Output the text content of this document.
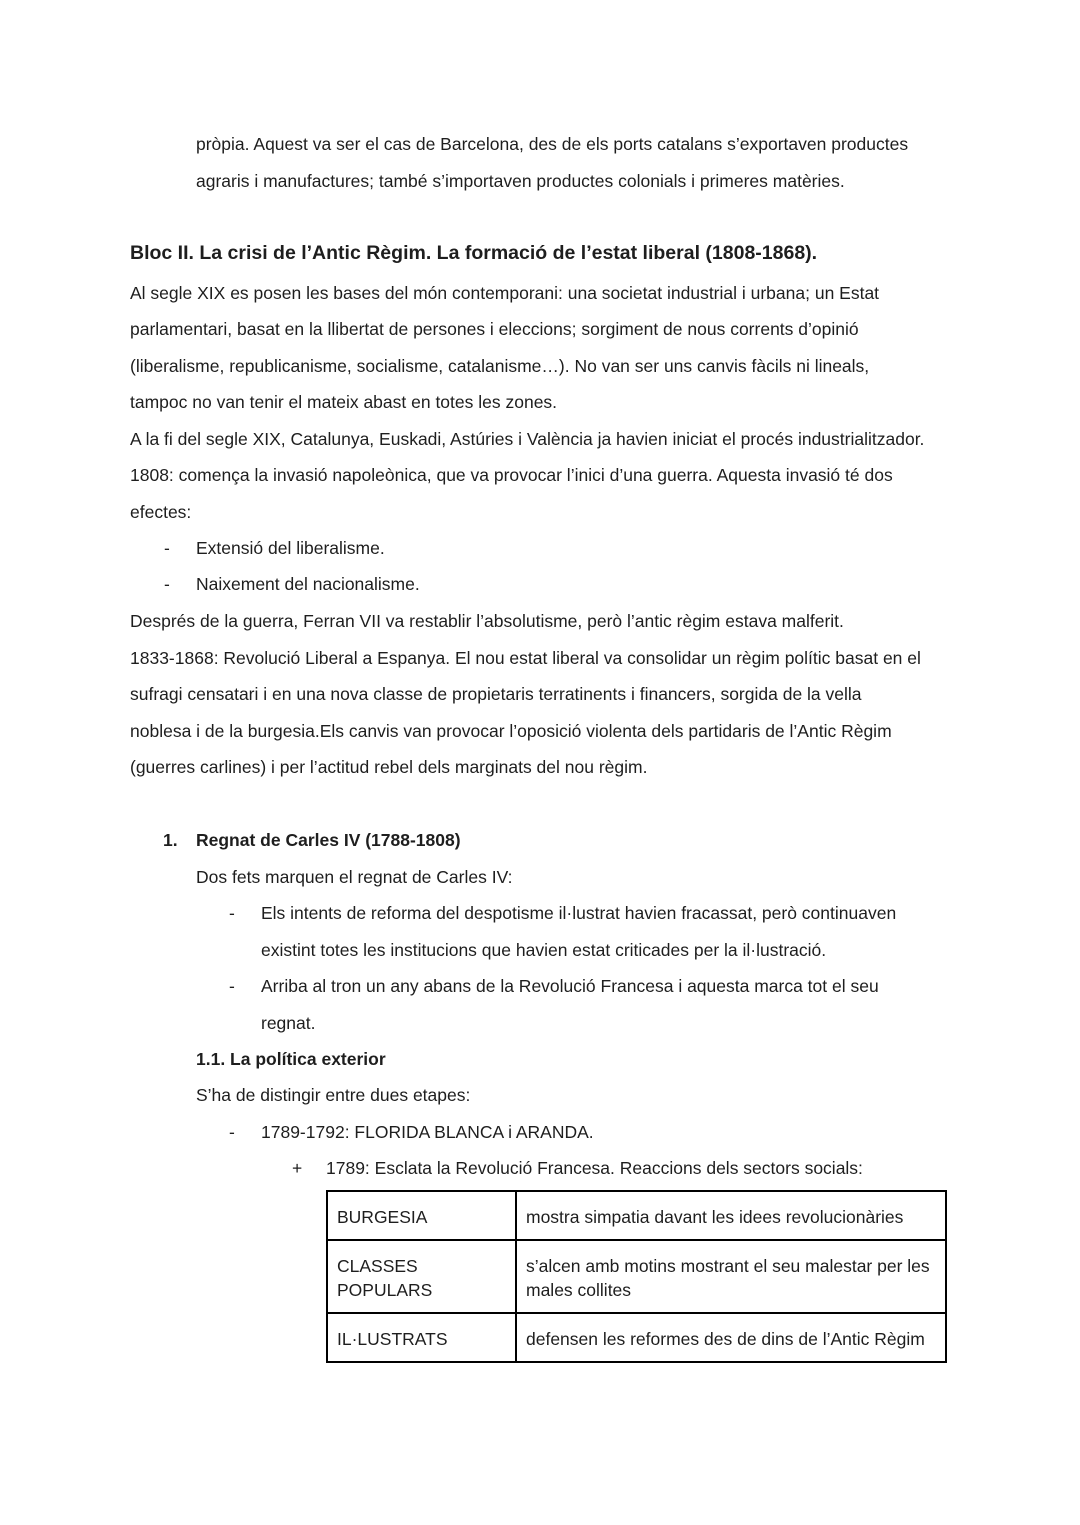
pròpia. Aquest va ser el cas de Barcelona, des de els ports catalans s’exportaven productes
agraris i manufactures; també s’importaven productes colonials i primeres matèries.
Bloc II. La crisi de l’Antic Règim. La formació de l’estat liberal (1808-1868).
Al segle XIX es posen les bases del món contemporani: una societat industrial i urbana; un Estat
parlamentari, basat en la llibertat de persones i eleccions; sorgiment de nous corrents d’opinió
(liberalisme, republicanisme, socialisme, catalanisme…). No van ser uns canvis fàcils ni lineals,
tampoc no van tenir el mateix abast en totes les zones.
A la fi del segle XIX, Catalunya, Euskadi, Astúries i València ja havien iniciat el procés industrialitzador.
1808: comença la invasió napoleònica, que va provocar l’inici d’una guerra. Aquesta invasió té dos
efectes:
- Extensió del liberalisme.
- Naixement del nacionalisme.
Després de la guerra, Ferran VII va restablir l’absolutisme, però l’antic règim estava malferit.
1833-1868: Revolució Liberal a Espanya. El nou estat liberal va consolidar un règim polític basat en el
sufragi censatari i en una nova classe de propietaris terratinents i financers, sorgida de la vella
noblesa i de la burgesia.Els canvis van provocar l’oposició violenta dels partidaris de l’Antic Règim
(guerres carlines) i per l’actitud rebel dels marginats del nou règim.
1. Regnat de Carles IV (1788-1808)
Dos fets marquen el regnat de Carles IV:
- Els intents de reforma del despotisme il·lustrat havien fracassat, però continuaven
existint totes les institucions que havien estat criticades per la il·lustració.
- Arriba al tron un any abans de la Revolució Francesa i aquesta marca tot el seu
regnat.
1.1. La política exterior
S’ha de distingir entre dues etapes:
- 1789-1792: FLORIDA BLANCA i ARANDA.
+ 1789: Esclata la Revolució Francesa. Reaccions dels sectors socials:
BURGESIA	mostra simpatia davant les idees revolucionàries
CLASSES POPULARS	s’alcen amb motins mostrant el seu malestar per les males collites
IL·LUSTRATS	defensen les reformes des de dins de l’Antic Règim
